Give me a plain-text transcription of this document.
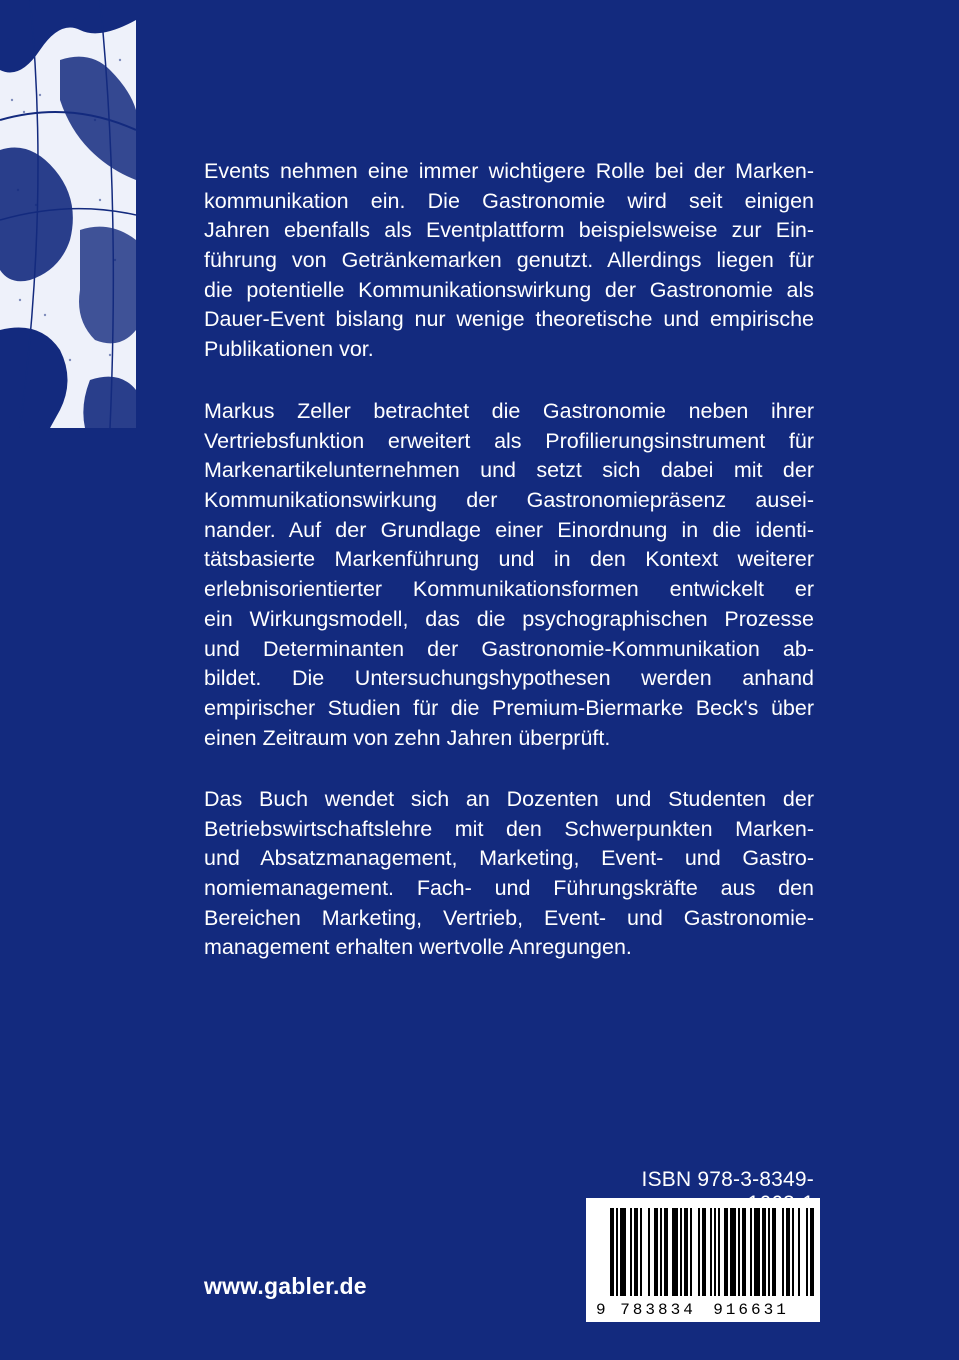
Events nehmen eine immer wichtigere Rolle bei der Marken-
kommunikation ein. Die Gastronomie wird seit einigen
Jahren ebenfalls als Eventplattform beispielsweise zur Ein-
führung von Getränkemarken genutzt. Allerdings liegen für
die potentielle Kommunikationswirkung der Gastronomie als
Dauer-Event bislang nur wenige theoretische und empirische
Publikationen vor.

Markus Zeller betrachtet die Gastronomie neben ihrer
Vertriebsfunktion erweitert als Profilierungsinstrument für
Markenartikelunternehmen und setzt sich dabei mit der
Kommunikationswirkung der Gastronomiepräsenz ausei-
nander. Auf der Grundlage einer Einordnung in die identi-
tätsbasierte Markenführung und in den Kontext weiterer
erlebnisorientierter Kommunikationsformen entwickelt er
ein Wirkungsmodell, das die psychographischen Prozesse
und Determinanten der Gastronomie-Kommunikation ab-
bildet. Die Untersuchungshypothesen werden anhand
empirischer Studien für die Premium-Biermarke Beck's über
einen Zeitraum von zehn Jahren überprüft.

Das Buch wendet sich an Dozenten und Studenten der
Betriebswirtschaftslehre mit den Schwerpunkten Marken-
und Absatzmanagement, Marketing, Event- und Gastro-
nomiemanagement. Fach- und Führungskräfte aus den
Bereichen Marketing, Vertrieb, Event- und Gastronomie-
management erhalten wertvolle Anregungen.

ISBN 978-3-8349-
9 783834 916631
www.gabler.de
